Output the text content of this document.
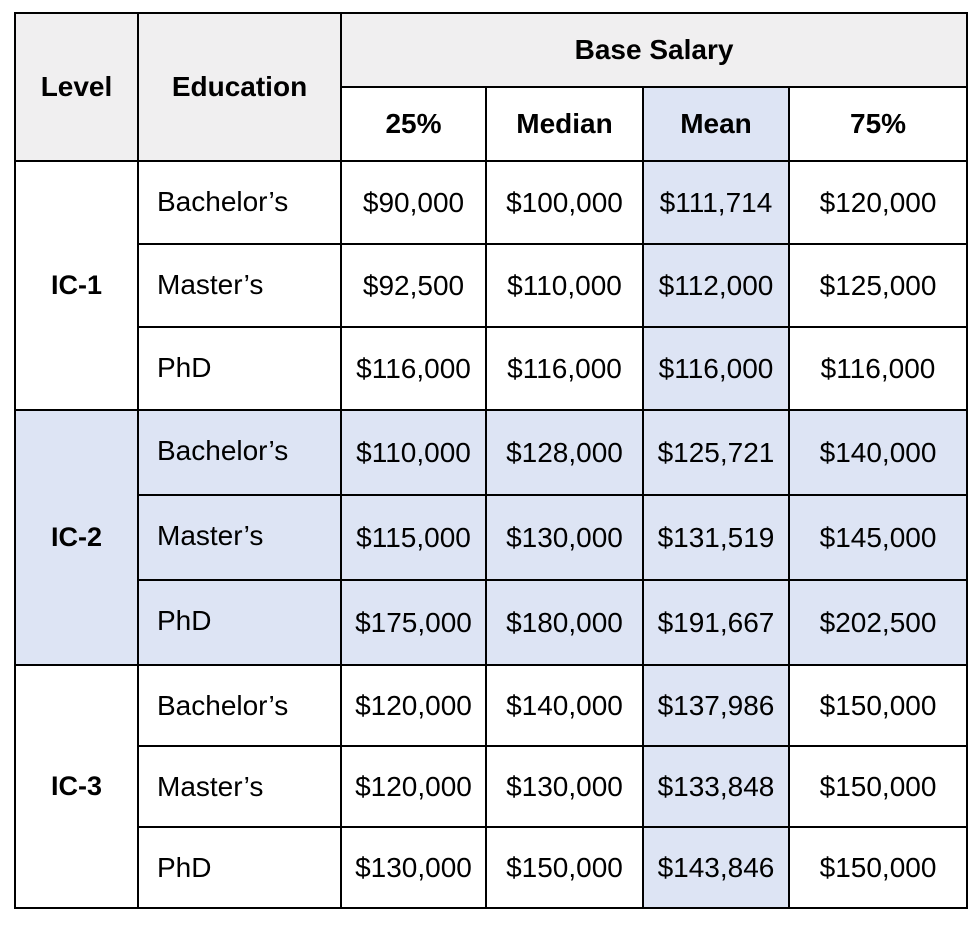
Level	Education	Base Salary			
		25%	Median	Mean	75%
IC-1	Bachelor’s	$90,000	$100,000	$111,714	$120,000
	Master’s	$92,500	$110,000	$112,000	$125,000
	PhD	$116,000	$116,000	$116,000	$116,000
IC-2	Bachelor’s	$110,000	$128,000	$125,721	$140,000
	Master’s	$115,000	$130,000	$131,519	$145,000
	PhD	$175,000	$180,000	$191,667	$202,500
IC-3	Bachelor’s	$120,000	$140,000	$137,986	$150,000
	Master’s	$120,000	$130,000	$133,848	$150,000
	PhD	$130,000	$150,000	$143,846	$150,000
